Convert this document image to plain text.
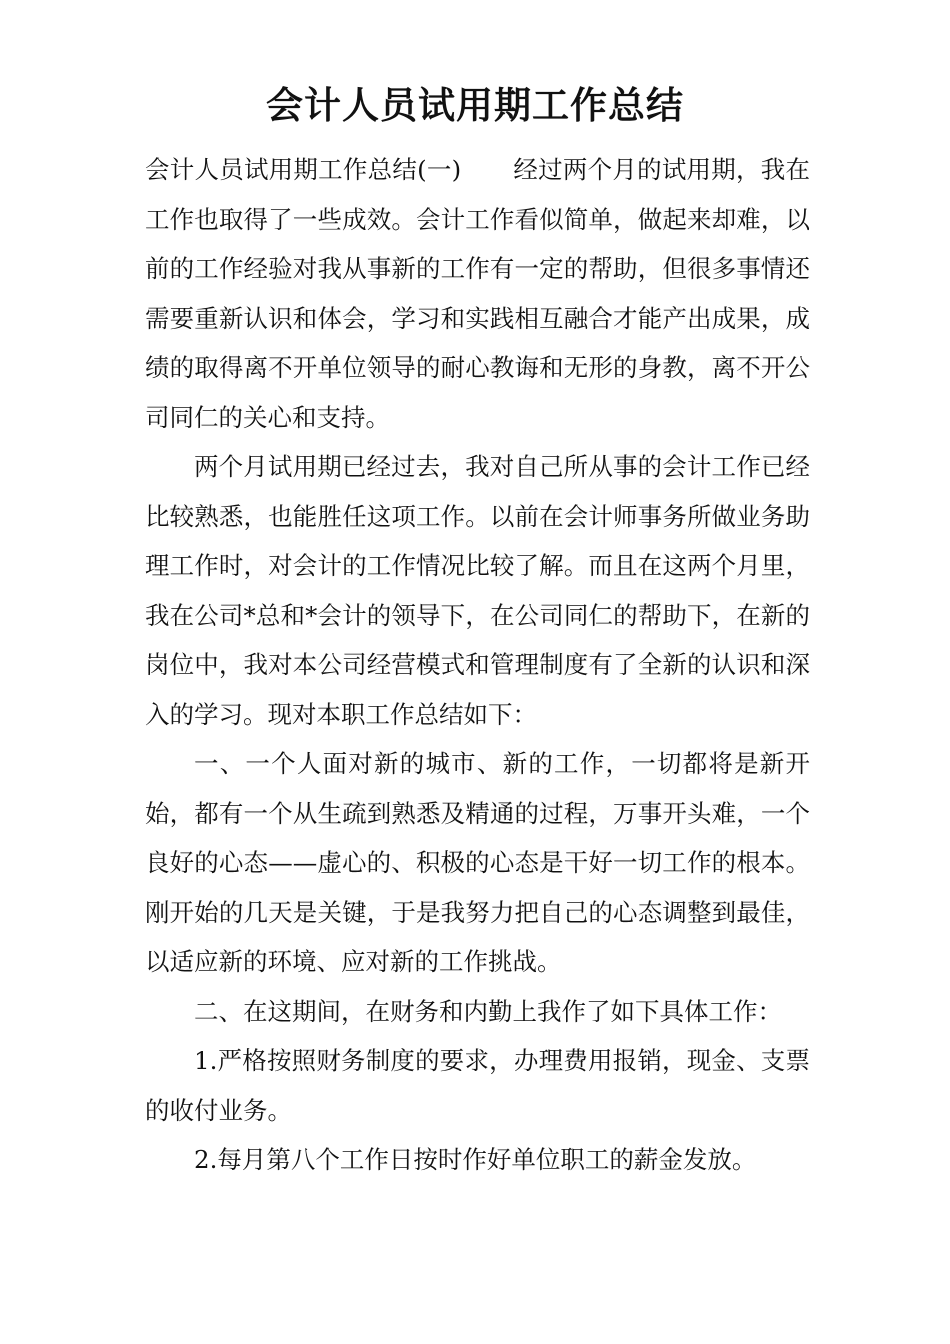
会计人员试用期工作总结

会计人员试用期工作总结(一) 经过两个月的试用期，我在工作也取得了一些成效。会计工作看似简单，做起来却难，以前的工作经验对我从事新的工作有一定的帮助，但很多事情还需要重新认识和体会，学习和实践相互融合才能产出成果，成绩的取得离不开单位领导的耐心教诲和无形的身教，离不开公司同仁的关心和支持。

两个月试用期已经过去，我对自己所从事的会计工作已经比较熟悉，也能胜任这项工作。以前在会计师事务所做业务助理工作时，对会计的工作情况比较了解。而且在这两个月里，我在公司*总和*会计的领导下，在公司同仁的帮助下，在新的岗位中，我对本公司经营模式和管理制度有了全新的认识和深入的学习。现对本职工作总结如下：

一、一个人面对新的城市、新的工作，一切都将是新开始，都有一个从生疏到熟悉及精通的过程，万事开头难，一个良好的心态——虚心的、积极的心态是干好一切工作的根本。刚开始的几天是关键，于是我努力把自己的心态调整到最佳，以适应新的环境、应对新的工作挑战。

二、在这期间，在财务和内勤上我作了如下具体工作：

1.严格按照财务制度的要求，办理费用报销，现金、支票的收付业务。

2.每月第八个工作日按时作好单位职工的薪金发放。
